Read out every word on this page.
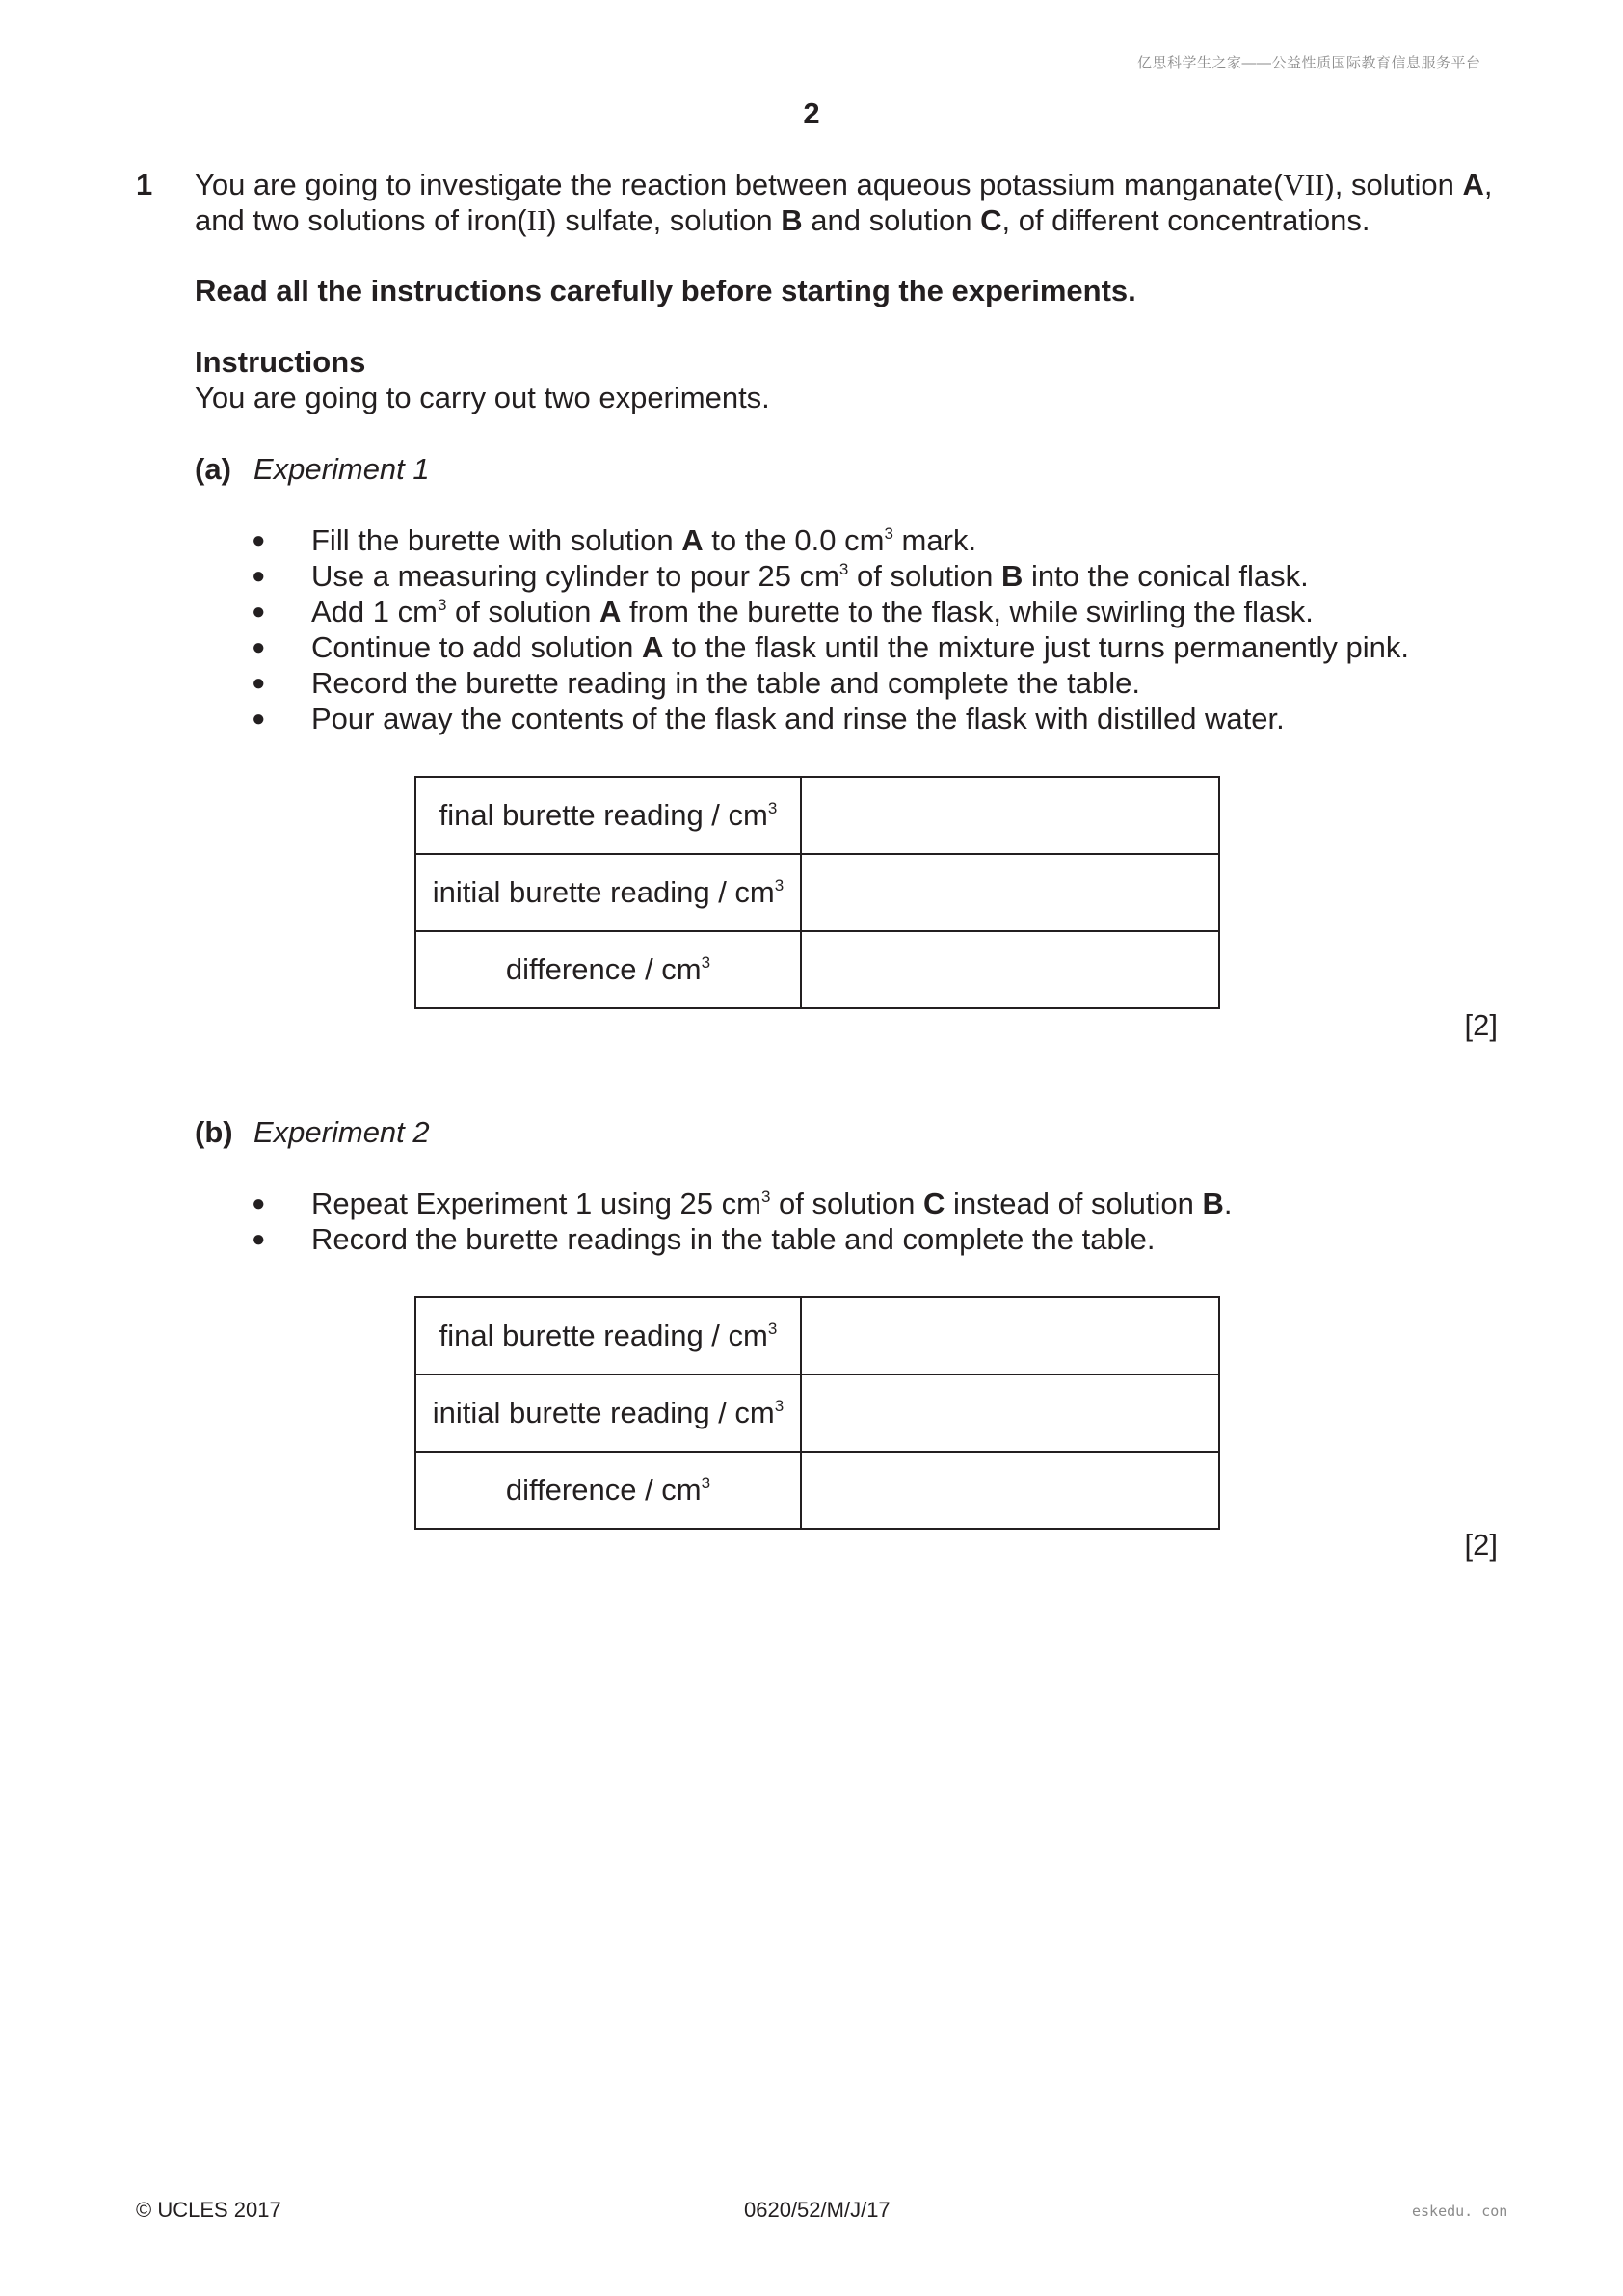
亿思科学生之家——公益性质国际教育信息服务平台
2
1 You are going to investigate the reaction between aqueous potassium manganate(VII), solution A,
and two solutions of iron(II) sulfate, solution B and solution C, of different concentrations.
Read all the instructions carefully before starting the experiments.
Instructions
You are going to carry out two experiments.
(a) Experiment 1
● Fill the burette with solution A to the 0.0 $cm^3$ mark.
● Use a measuring cylinder to pour 25 $cm^3$ of solution B into the conical flask.
● Add 1 $cm^3$ of solution A from the burette to the flask, while swirling the flask.
● Continue to add solution A to the flask until the mixture just turns permanently pink.
● Record the burette reading in the table and complete the table.
● Pour away the contents of the flask and rinse the flask with distilled water.
final burette reading / $cm^3$	
initial burette reading / $cm^3$	
difference / $cm^3$	
[2]
(b) Experiment 2
● Repeat Experiment 1 using 25 $cm^3$ of solution C instead of solution B.
● Record the burette readings in the table and complete the table.
final burette reading / $cm^3$	
initial burette reading / $cm^3$	
difference / $cm^3$	
[2]
© UCLES 2017	0620/52/M/J/17	eskedu. con
